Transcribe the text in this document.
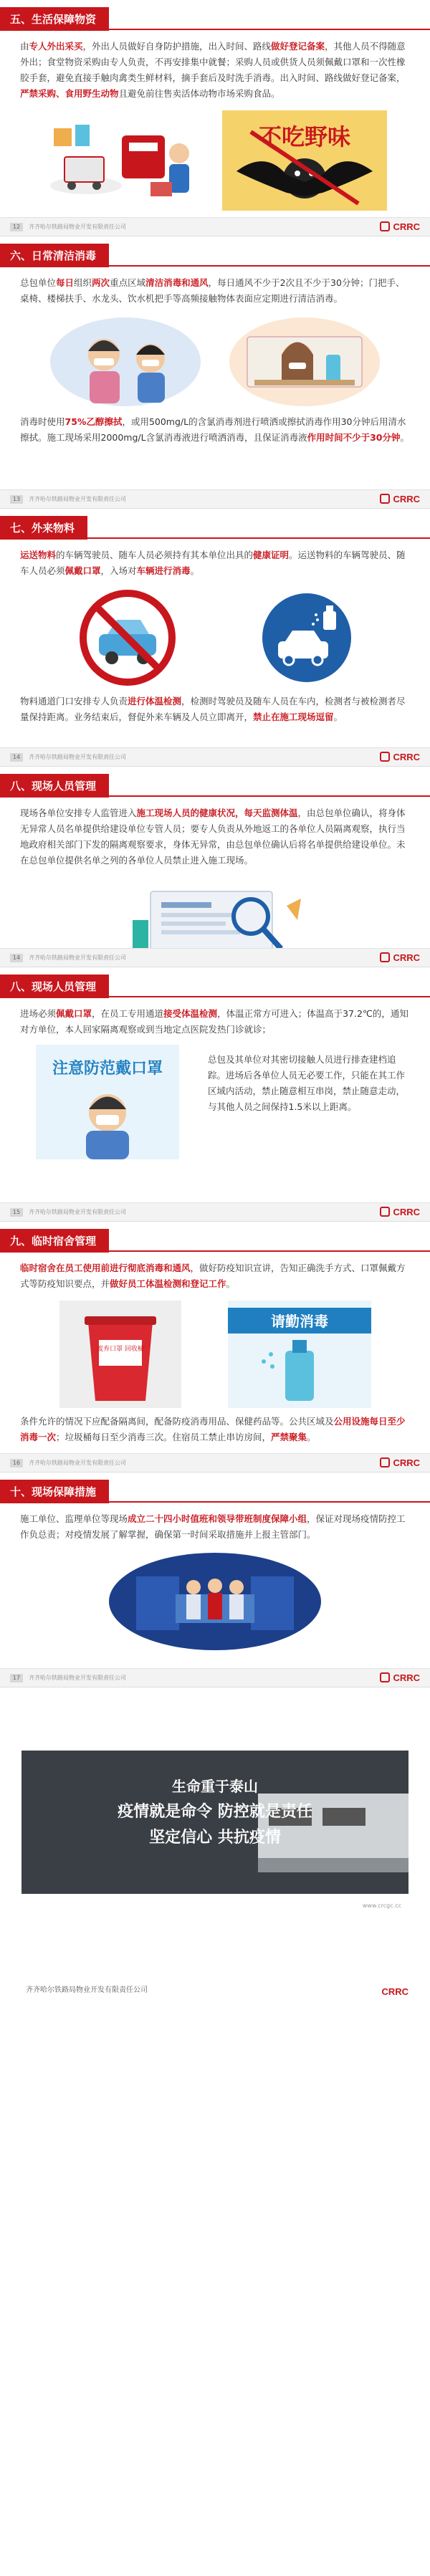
五、生活保障物资

由专人外出采买，外出人员做好自身防护措施，出入时间、路线做好登记备案，其他人员不得随意外出；食堂物资采购由专人负责，不再安排集中就餐；采购人员或供货人员须佩戴口罩和一次性橡胶手套，避免直接手触肉禽类生鲜材料，摘手套后及时洗手消毒。出入时间、路线做好登记备案，严禁采购、食用野生动物且避免前往售卖活体动物市场采购食品。

不吃野味
12	齐齐哈尔铁路局物业开发有限责任公司	CRRC
六、日常清洁消毒

总包单位每日组织两次重点区域清洁消毒和通风，每日通风不少于2次且不少于30分钟；门把手、桌椅、楼梯扶手、水龙头、饮水机把手等高频接触物体表面应定期进行清洁消毒。

消毒时使用75%乙醇擦拭，或用500mg/L的含氯消毒剂进行喷洒或擦拭消毒作用30分钟后用清水擦拭。施工现场采用2000mg/L含氯消毒液进行喷洒消毒，且保证消毒液作用时间不少于30分钟。

13	齐齐哈尔铁路局物业开发有限责任公司	CRRC
七、外来物料

运送物料的车辆驾驶员、随车人员必须持有其本单位出具的健康证明。运送物料的车辆驾驶员、随车人员必须佩戴口罩，入场对车辆进行消毒。

物料通道门口安排专人负责进行体温检测，检测时驾驶员及随车人员在车内，检测者与被检测者尽量保持距离。业务结束后，督促外来车辆及人员立即离开，禁止在施工现场逗留。

14	齐齐哈尔铁路局物业开发有限责任公司	CRRC
八、现场人员管理

现场各单位安排专人监管进入施工现场人员的健康状况，每天监测体温，由总包单位确认，将身体无异常人员名单提供给建设单位专管人员；要专人负责从外地返工的各单位人员隔离观察，执行当地政府相关部门下发的隔离观察要求，身体无异常，由总包单位确认后将名单提供给建设单位。未在总包单位提供名单之列的各单位人员禁止进入施工现场。

14	齐齐哈尔铁路局物业开发有限责任公司	CRRC
八、现场人员管理

进场必须佩戴口罩，在员工专用通道接受体温检测，体温正常方可进入；体温高于37.2℃的，通知对方单位，本人回家隔离观察或到当地定点医院发热门诊就诊；

注意防范戴口罩

总包及其单位对其密切接触人员进行排查建档追踪。进场后各单位人员无必要工作，只能在其工作区域内活动，禁止随意相互串岗，禁止随意走动，与其他人员之间保持1.5米以上距离。

15	齐齐哈尔铁路局物业开发有限责任公司	CRRC
九、临时宿舍管理

临时宿舍在员工使用前进行彻底消毒和通风，做好防疫知识宣讲，告知正确洗手方式、口罩佩戴方式等防疫知识要点，并做好员工体温检测和登记工作。

废弃口罩 回收桶
请勤消毒

条件允许的情况下应配备隔离间，配备防疫消毒用品、保健药品等。公共区域及公用设施每日至少消毒一次；垃圾桶每日至少消毒三次。住宿员工禁止串访房间，严禁聚集。

16	齐齐哈尔铁路局物业开发有限责任公司	CRRC
十、现场保障措施

施工单位、监理单位等现场成立二十四小时值班和领导带班制度保障小组，保证对现场疫情防控工作负总责；对疫情发展了解掌握，确保第一时间采取措施并上报主管部门。

17	齐齐哈尔铁路局物业开发有限责任公司	CRRC
生命重于泰山
疫情就是命令 防控就是责任
坚定信心 共抗疫情
www.crcgc.cc
齐齐哈尔铁路局物业开发有限责任公司	CRRC
